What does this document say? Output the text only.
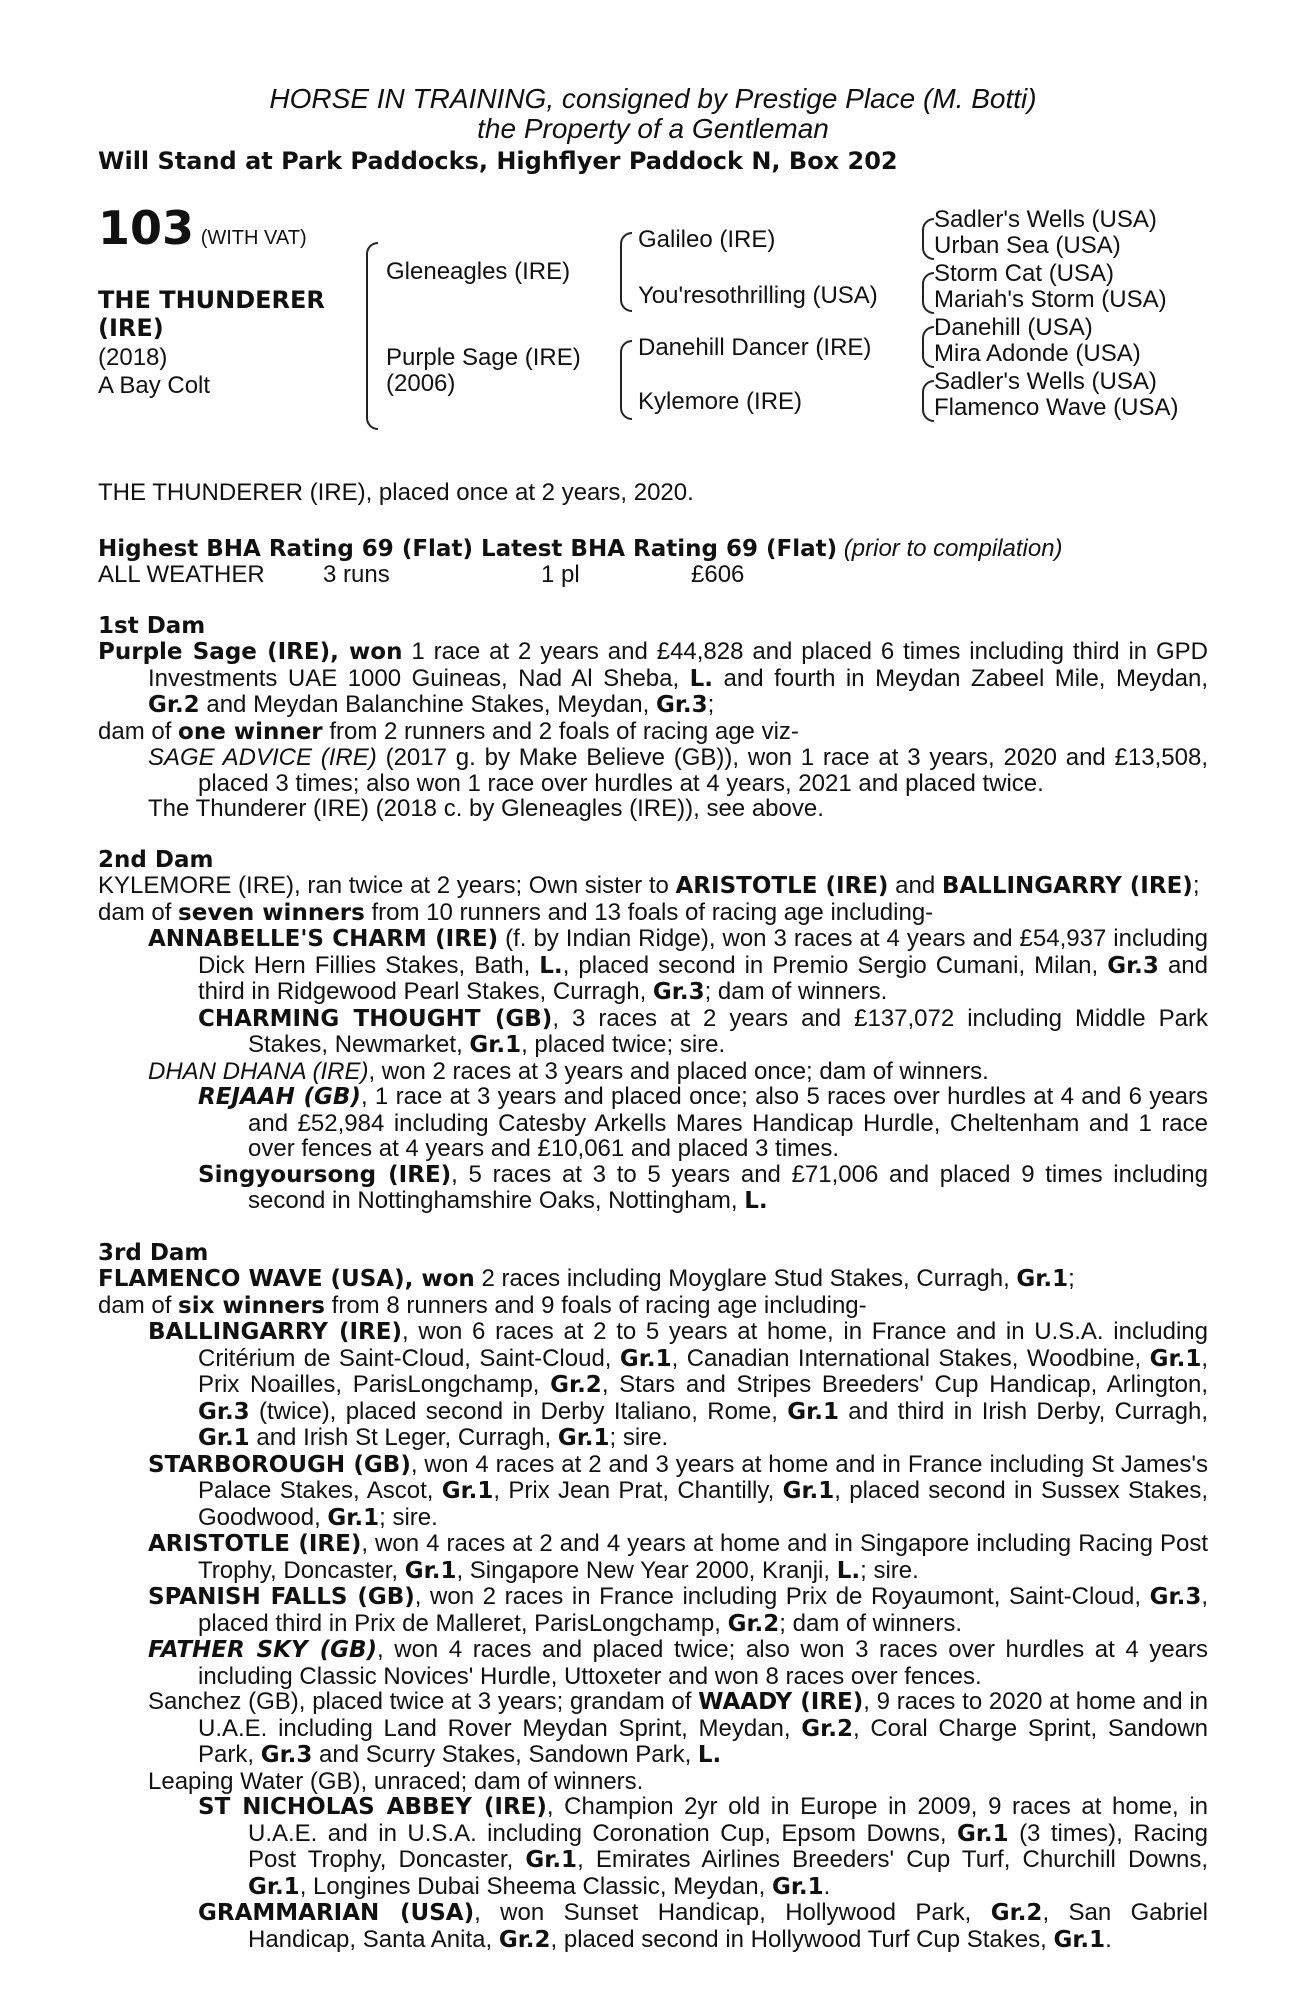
HORSE IN TRAINING, consigned by Prestige Place (M. Botti)
the Property of a Gentleman
Will Stand at Park Paddocks, Highflyer Paddock N, Box 202
103 (WITH VAT)
THE THUNDERER (IRE)
(2018)
A Bay Colt
Gleneagles (IRE)
Purple Sage (IRE)
(2006)
Galileo (IRE)
You'resothrilling (USA)
Danehill Dancer (IRE)
Kylemore (IRE)
Sadler's Wells (USA)
Urban Sea (USA)
Storm Cat (USA)
Mariah's Storm (USA)
Danehill (USA)
Mira Adonde (USA)
Sadler's Wells (USA)
Flamenco Wave (USA)

THE THUNDERER (IRE), placed once at 2 years, 2020.

Highest BHA Rating 69 (Flat) Latest BHA Rating 69 (Flat) (prior to compilation)
ALL WEATHER	3 runs	1 pl	£606
1st Dam

Purple Sage (IRE), won 1 race at 2 years and £44,828 and placed 6 times including third in GPD Investments UAE 1000 Guineas, Nad Al Sheba, L. and fourth in Meydan Zabeel Mile, Meydan, Gr.2 and Meydan Balanchine Stakes, Meydan, Gr.3;

dam of one winner from 2 runners and 2 foals of racing age viz-

SAGE ADVICE (IRE) (2017 g. by Make Believe (GB)), won 1 race at 3 years, 2020 and £13,508, placed 3 times; also won 1 race over hurdles at 4 years, 2021 and placed twice.

The Thunderer (IRE) (2018 c. by Gleneagles (IRE)), see above.

2nd Dam

KYLEMORE (IRE), ran twice at 2 years; Own sister to ARISTOTLE (IRE) and BALLINGARRY (IRE);

dam of seven winners from 10 runners and 13 foals of racing age including-

ANNABELLE'S CHARM (IRE) (f. by Indian Ridge), won 3 races at 4 years and £54,937 including Dick Hern Fillies Stakes, Bath, L., placed second in Premio Sergio Cumani, Milan, Gr.3 and third in Ridgewood Pearl Stakes, Curragh, Gr.3; dam of winners.

CHARMING THOUGHT (GB), 3 races at 2 years and £137,072 including Middle Park Stakes, Newmarket, Gr.1, placed twice; sire.

DHAN DHANA (IRE), won 2 races at 3 years and placed once; dam of winners.

REJAAH (GB), 1 race at 3 years and placed once; also 5 races over hurdles at 4 and 6 years and £52,984 including Catesby Arkells Mares Handicap Hurdle, Cheltenham and 1 race over fences at 4 years and £10,061 and placed 3 times.

Singyoursong (IRE), 5 races at 3 to 5 years and £71,006 and placed 9 times including second in Nottinghamshire Oaks, Nottingham, L.

3rd Dam

FLAMENCO WAVE (USA), won 2 races including Moyglare Stud Stakes, Curragh, Gr.1;

dam of six winners from 8 runners and 9 foals of racing age including-

BALLINGARRY (IRE), won 6 races at 2 to 5 years at home, in France and in U.S.A. including Critérium de Saint-Cloud, Saint-Cloud, Gr.1, Canadian International Stakes, Woodbine, Gr.1, Prix Noailles, ParisLongchamp, Gr.2, Stars and Stripes Breeders' Cup Handicap, Arlington, Gr.3 (twice), placed second in Derby Italiano, Rome, Gr.1 and third in Irish Derby, Curragh, Gr.1 and Irish St Leger, Curragh, Gr.1; sire.

STARBOROUGH (GB), won 4 races at 2 and 3 years at home and in France including St James's Palace Stakes, Ascot, Gr.1, Prix Jean Prat, Chantilly, Gr.1, placed second in Sussex Stakes, Goodwood, Gr.1; sire.

ARISTOTLE (IRE), won 4 races at 2 and 4 years at home and in Singapore including Racing Post Trophy, Doncaster, Gr.1, Singapore New Year 2000, Kranji, L.; sire.

SPANISH FALLS (GB), won 2 races in France including Prix de Royaumont, Saint-Cloud, Gr.3, placed third in Prix de Malleret, ParisLongchamp, Gr.2; dam of winners.

FATHER SKY (GB), won 4 races and placed twice; also won 3 races over hurdles at 4 years including Classic Novices' Hurdle, Uttoxeter and won 8 races over fences.

Sanchez (GB), placed twice at 3 years; grandam of WAADY (IRE), 9 races to 2020 at home and in U.A.E. including Land Rover Meydan Sprint, Meydan, Gr.2, Coral Charge Sprint, Sandown Park, Gr.3 and Scurry Stakes, Sandown Park, L.

Leaping Water (GB), unraced; dam of winners.

ST NICHOLAS ABBEY (IRE), Champion 2yr old in Europe in 2009, 9 races at home, in U.A.E. and in U.S.A. including Coronation Cup, Epsom Downs, Gr.1 (3 times), Racing Post Trophy, Doncaster, Gr.1, Emirates Airlines Breeders' Cup Turf, Churchill Downs, Gr.1, Longines Dubai Sheema Classic, Meydan, Gr.1.

GRAMMARIAN (USA), won Sunset Handicap, Hollywood Park, Gr.2, San Gabriel Handicap, Santa Anita, Gr.2, placed second in Hollywood Turf Cup Stakes, Gr.1.
